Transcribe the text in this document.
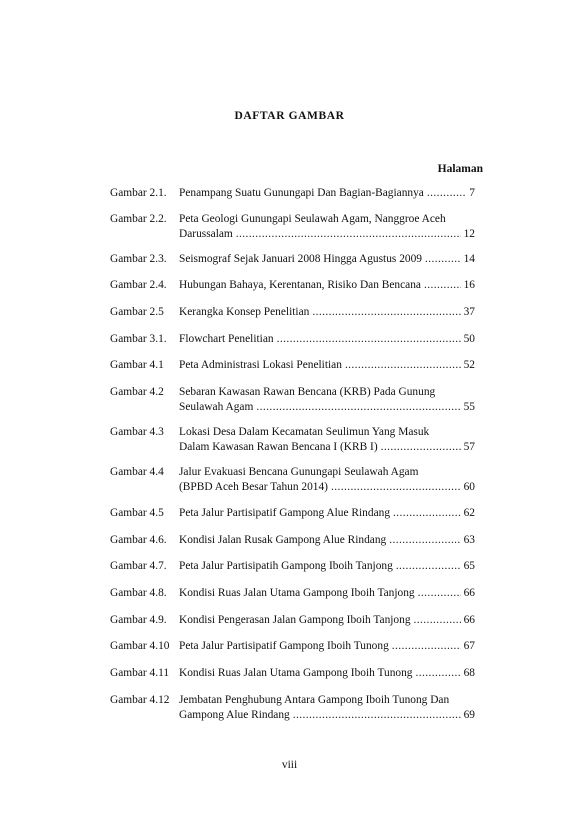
DAFTAR GAMBAR
Halaman
Gambar 2.1.	Penampang Suatu Gunungapi Dan Bagian-Bagiannya .....	7
Gambar 2.2.	Peta Geologi Gunungapi Seulawah Agam, Nanggroe Aceh
Darussalam .....	12
Gambar 2.3.	Seismograf Sejak Januari 2008 Hingga Agustus 2009 .....	14
Gambar 2.4.	Hubungan Bahaya, Kerentanan, Risiko Dan Bencana .....	16
Gambar 2.5	Kerangka Konsep Penelitian .....	37
Gambar 3.1.	Flowchart Penelitian .....	50
Gambar 4.1	Peta Administrasi Lokasi Penelitian .....	52
Gambar 4.2	Sebaran Kawasan Rawan Bencana (KRB) Pada Gunung
Seulawah Agam .....	55
Gambar 4.3	Lokasi Desa Dalam Kecamatan Seulimun Yang Masuk
Dalam Kawasan Rawan Bencana I (KRB I) .....	57
Gambar 4.4	Jalur Evakuasi Bencana Gunungapi Seulawah Agam
(BPBD Aceh Besar Tahun 2014) .....	60
Gambar 4.5	Peta Jalur Partisipatif Gampong Alue Rindang .....	62
Gambar 4.6.	Kondisi Jalan Rusak Gampong Alue Rindang .....	63
Gambar 4.7.	Peta Jalur Partisipatih Gampong Iboih Tanjong .....	65
Gambar 4.8.	Kondisi Ruas Jalan Utama Gampong Iboih Tanjong .....	66
Gambar 4.9.	Kondisi Pengerasan Jalan Gampong Iboih Tanjong .....	66
Gambar 4.10 Peta Jalur Partisipatif Gampong Iboih Tunong .....	67
Gambar 4.11 Kondisi Ruas Jalan Utama Gampong Iboih Tunong .....	68
Gambar 4.12 Jembatan Penghubung Antara Gampong Iboih Tunong Dan
Gampong Alue Rindang .....	69
viii
